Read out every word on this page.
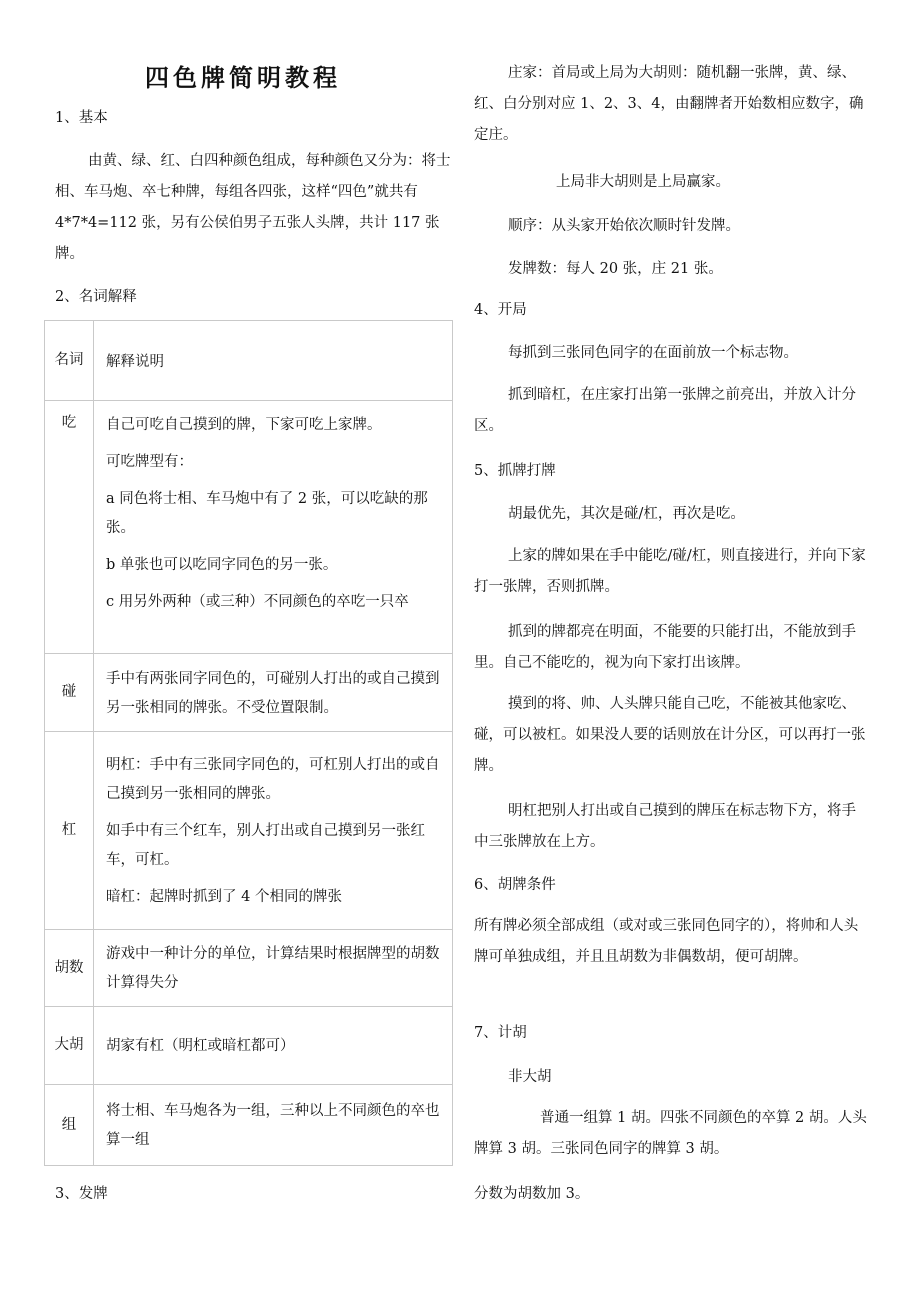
四色牌简明教程
1、基本
由黄、绿、红、白四种颜色组成，每种颜色又分为：将士相、车马炮、卒七种牌，每组各四张，这样“四色”就共有 4*7*4=112 张，另有公侯伯男子五张人头牌，共计 117 张牌。
2、名词解释
名词	解释说明
吃	自己可吃自己摸到的牌，下家可吃上家牌。
可吃牌型有：
a 同色将士相、车马炮中有了 2 张，可以吃缺的那张。
b 单张也可以吃同字同色的另一张。
c 用另外两种（或三种）不同颜色的卒吃一只卒

碰	手中有两张同字同色的，可碰别人打出的或自己摸到另一张相同的牌张。不受位置限制。

杠	明杠：手中有三张同字同色的，可杠别人打出的或自己摸到另一张相同的牌张。
如手中有三个红车，别人打出或自己摸到另一张红车，可杠。
暗杠：起牌时抓到了 4 个相同的牌张

胡数	游戏中一种计分的单位，计算结果时根据牌型的胡数计算得失分

大胡	胡家有杠（明杠或暗杠都可）

组	将士相、车马炮各为一组，三种以上不同颜色的卒也算一组
3、发牌
庄家：首局或上局为大胡则：随机翻一张牌，黄、绿、红、白分别对应 1、2、3、4，由翻牌者开始数相应数字，确定庄。
上局非大胡则是上局赢家。
顺序：从头家开始依次顺时针发牌。
发牌数：每人 20 张，庄 21 张。
4、开局
每抓到三张同色同字的在面前放一个标志物。
抓到暗杠，在庄家打出第一张牌之前亮出，并放入计分区。
5、抓牌打牌
胡最优先，其次是碰/杠，再次是吃。
上家的牌如果在手中能吃/碰/杠，则直接进行，并向下家打一张牌，否则抓牌。
抓到的牌都亮在明面，不能要的只能打出，不能放到手里。自己不能吃的，视为向下家打出该牌。
摸到的将、帅、人头牌只能自己吃，不能被其他家吃、碰，可以被杠。如果没人要的话则放在计分区，可以再打一张牌。
明杠把别人打出或自己摸到的牌压在标志物下方，将手中三张牌放在上方。
6、胡牌条件
所有牌必须全部成组（或对或三张同色同字的），将帅和人头牌可单独成组，并且且胡数为非偶数胡，便可胡牌。
7、计胡
非大胡
普通一组算 1 胡。四张不同颜色的卒算 2 胡。人头牌算 3 胡。三张同色同字的牌算 3 胡。
分数为胡数加 3。
